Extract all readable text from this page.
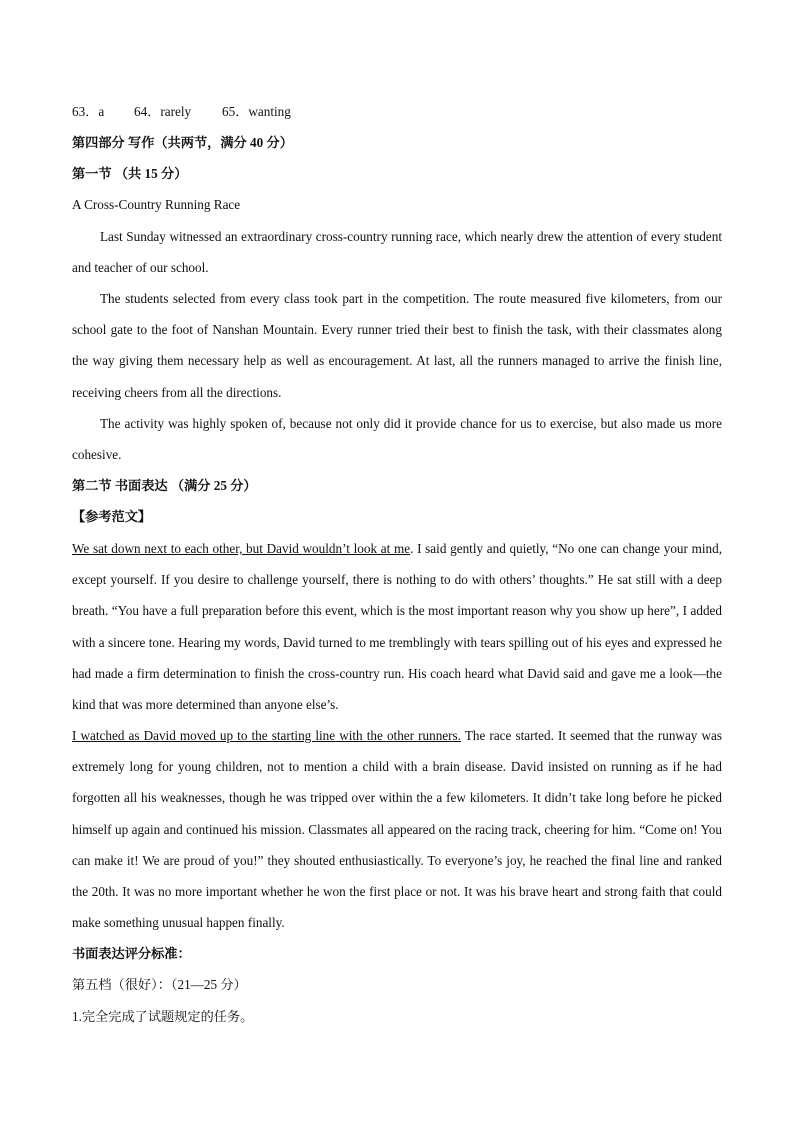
63．a 64．rarely 65．wanting
第四部分 写作（共两节，满分 40 分）
第一节 （共 15 分）
A Cross-Country Running Race
Last Sunday witnessed an extraordinary cross-country running race, which nearly drew the attention of every student and teacher of our school.
The students selected from every class took part in the competition. The route measured five kilometers, from our school gate to the foot of Nanshan Mountain. Every runner tried their best to finish the task, with their classmates along the way giving them necessary help as well as encouragement. At last, all the runners managed to arrive the finish line, receiving cheers from all the directions.
The activity was highly spoken of, because not only did it provide chance for us to exercise, but also made us more cohesive.
第二节 书面表达 （满分 25 分）
【参考范文】
We sat down next to each other, but David wouldn’t look at me. I said gently and quietly, “No one can change your mind, except yourself. If you desire to challenge yourself, there is nothing to do with others’ thoughts.” He sat still with a deep breath. “You have a full preparation before this event, which is the most important reason why you show up here”, I added with a sincere tone. Hearing my words, David turned to me tremblingly with tears spilling out of his eyes and expressed he had made a firm determination to finish the cross-country run. His coach heard what David said and gave me a look—the kind that was more determined than anyone else’s.
I watched as David moved up to the starting line with the other runners. The race started. It seemed that the runway was extremely long for young children, not to mention a child with a brain disease. David insisted on running as if he had forgotten all his weaknesses, though he was tripped over within the a few kilometers. It didn’t take long before he picked himself up again and continued his mission. Classmates all appeared on the racing track, cheering for him. “Come on! You can make it! We are proud of you!” they shouted enthusiastically. To everyone’s joy, he reached the final line and ranked the 20th. It was no more important whether he won the first place or not. It was his brave heart and strong faith that could make something unusual happen finally.
书面表达评分标准：
第五档（很好）：（21—25 分）
1.完全完成了试题规定的任务。
